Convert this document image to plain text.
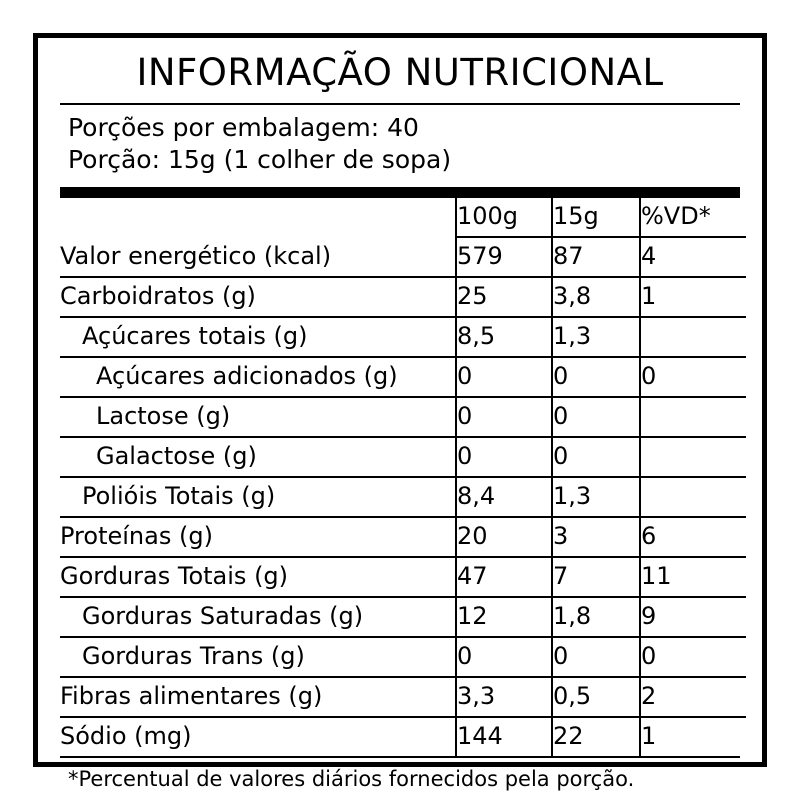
INFORMAÇÃO NUTRICIONAL
Porções por embalagem: 40
Porção: 15g (1 colher de sopa)
	100g	15g	%VD*
Valor energético (kcal)	579	87	4
Carboidratos (g)	25	3,8	1
Açúcares totais (g)	8,5	1,3	
Açúcares adicionados (g)	0	0	0
Lactose (g)	0	0	
Galactose (g)	0	0	
Polióis Totais (g)	8,4	1,3	
Proteínas (g)	20	3	6
Gorduras Totais (g)	47	7	11
Gorduras Saturadas (g)	12	1,8	9
Gorduras Trans (g)	0	0	0
Fibras alimentares (g)	3,3	0,5	2
Sódio (mg)	144	22	1
*Percentual de valores diários fornecidos pela porção.
